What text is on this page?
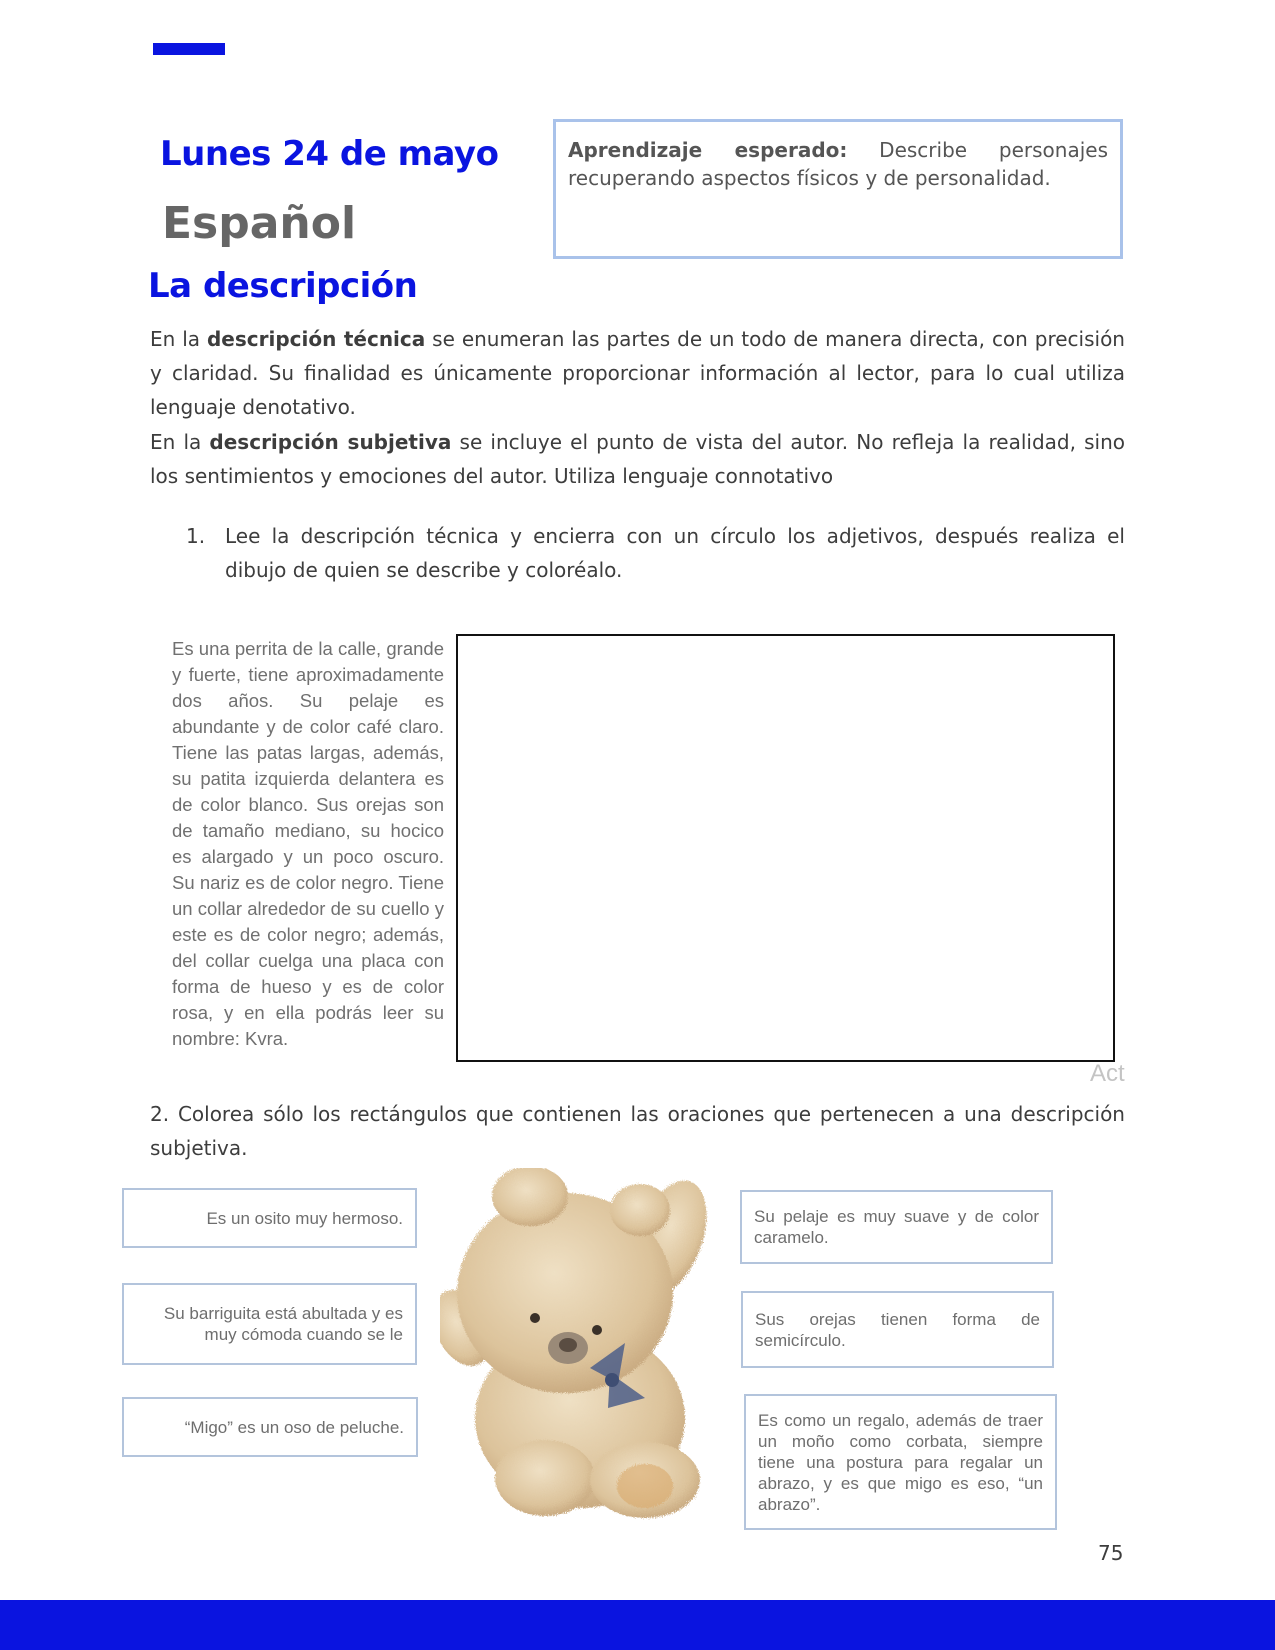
Lunes 24 de mayo
Español
La descripción
Aprendizaje esperado: Describe personajes recuperando aspectos físicos y de personalidad.
En la descripción técnica se enumeran las partes de un todo de manera directa, con precisión y claridad. Su finalidad es únicamente proporcionar información al lector, para lo cual utiliza lenguaje denotativo.
En la descripción subjetiva se incluye el punto de vista del autor. No refleja la realidad, sino los sentimientos y emociones del autor. Utiliza lenguaje connotativo
1. Lee la descripción técnica y encierra con un círculo los adjetivos, después realiza el dibujo de quien se describe y coloréalo.
Es una perrita de la calle, grande y fuerte, tiene aproximadamente dos años. Su pelaje es abundante y de color café claro. Tiene las patas largas, además, su patita izquierda delantera es de color blanco. Sus orejas son de tamaño mediano, su hocico es alargado y un poco oscuro. Su nariz es de color negro. Tiene un collar alrededor de su cuello y este es de color negro; además, del collar cuelga una placa con forma de hueso y es de color rosa, y en ella podrás leer su nombre: Kvra.
Act
2. Colorea sólo los rectángulos que contienen las oraciones que pertenecen a una descripción subjetiva.
Es un osito muy hermoso.
Su barriguita está abultada y es muy cómoda cuando se le
“Migo” es un oso de peluche.
Su pelaje es muy suave y de color caramelo.
Sus orejas tienen forma de semicírculo.
Es como un regalo, además de traer un moño como corbata, siempre tiene una postura para regalar un abrazo, y es que migo es eso, “un abrazo”.
75
